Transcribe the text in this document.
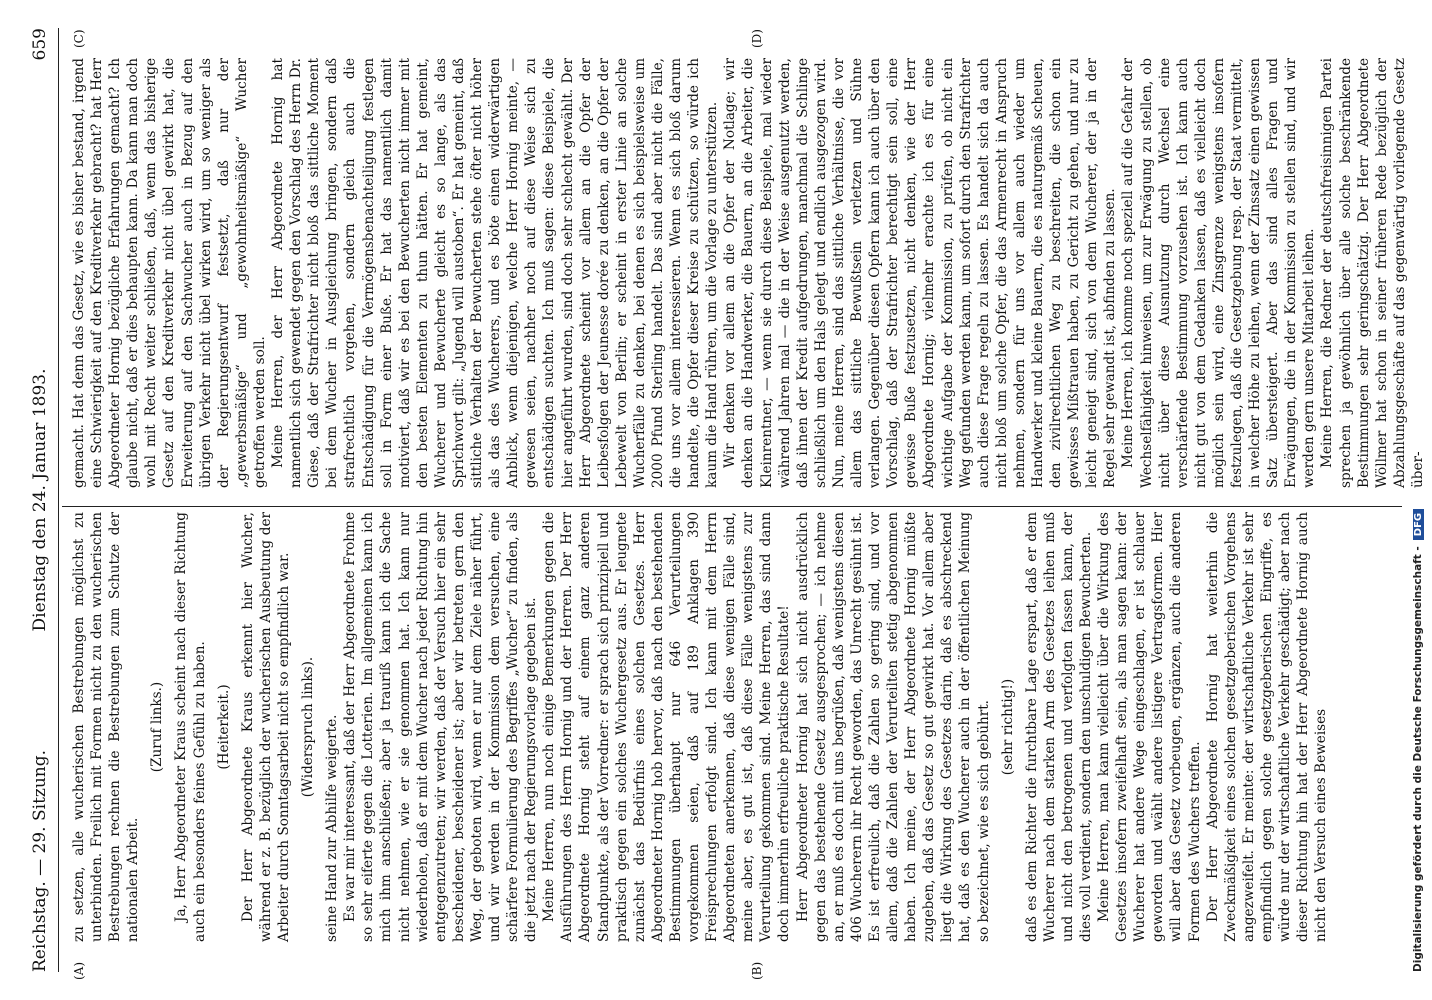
Reichstag. — 29. Sitzung.
Dienstag den 24. Januar 1893.
659
(A)	(B)
(C)	(D)

zu setzen, alle wucherischen Bestrebungen möglichst zu unterbinden. Freilich mit Formen nicht zu den wucherischen Bestrebungen rechnen die Bestrebungen zum Schutze der nationalen Arbeit.

(Zuruf links.) Ja, Herr Abgeordneter Kraus scheint nach dieser Richtung auch ein besonders feines Gefühl zu haben. (Heiterkeit.) Der Herr Abgeordnete Kraus erkennt hier Wucher, während er z. B. bezüglich der wucherischen Ausbeutung der Arbeiter durch Sonntagsarbeit nicht so empfindlich war. (Widerspruch links). seine Hand zur Abhilfe weigerte. Es war mir interessant, daß der Herr Abgeordnete Frohme so sehr eiferte gegen die Lotterien. Im allgemeinen kann ich mich ihm anschließen; aber ja trauriß kann ich die Sache nicht nehmen, wie er sie genommen hat. Ich kann nur wiederholen, daß er mit dem Wucher nach jeder Richtung hin entgegenzutreten; wir werden, daß der Versuch hier ein sehr bescheidener, bescheidener ist; aber wir betreten gern den Weg, der geboten wird, wenn er nur dem Ziele näher führt, und wir werden in der Kommission dem versuchen, eine schärfere Formulierung des Begriffes „Wucher“ zu finden, als die jetzt nach der Regierungsvorlage gegeben ist. Meine Herren, nun noch einige Bemerkungen gegen die Ausführungen des Herrn Hornig und der Herren. Der Herr Abgeordnete Hornig steht auf einem ganz anderen Standpunkte, als der Vorredner: er sprach sich prinzipiell und praktisch gegen ein solches Wuchergesetz aus. Er leugnete zunächst das Bedürfnis eines solchen Gesetzes. Herr Abgeordneter Hornig hob hervor, daß nach den bestehenden Bestimmungen überhaupt nur 646 Verurteilungen vorgekommen seien, daß auf 189 Anklagen 390 Freisprechungen erfolgt sind. Ich kann mit dem Herrn Abgeordneten anerkennen, daß diese wenigen Fälle sind, meine aber, es gut ist, daß diese Fälle wenigstens zur Verurteilung gekommen sind. Meine Herren, das sind dann doch immerhin erfreuliche praktische Resultate! Herr Abgeordneter Hornig hat sich nicht ausdrücklich gegen das bestehende Gesetz ausgesprochen; — ich nehme an, er muß es doch mit uns begrüßen, daß wenigstens diesen 406 Wucherern ihr Recht geworden, das Unrecht gesühnt ist. Es ist erfreulich, daß die Zahlen so gering sind, und vor allem, daß die Zahlen der Verurteilten stetig abgenommen haben. Ich meine, der Herr Abgeordnete Hornig müßte zugeben, daß das Gesetz so gut gewirkt hat. Vor allem aber liegt die Wirkung des Gesetzes darin, daß es abschreckend hat, daß es den Wucherer auch in der öffentlichen Meinung so bezeichnet, wie es sich gebührt. (sehr richtig!) daß es dem Richter die furchtbare Lage erspart, daß er dem Wucherer nach dem starken Arm des Gesetzes leihen muß und nicht den betrogenen und verfolgten fassen kann, der dies voll verdient, sondern den unschuldigen Bewucherten. Meine Herren, man kann vielleicht über die Wirkung des Gesetzes insofern zweifelhaft sein, als man sagen kann: der Wucherer hat andere Wege eingeschlagen, er ist schlauer geworden und wählt andere listigere Vertragsformen. Hier will aber das Gesetz vorbeugen, ergänzen, auch die anderen Formen des Wuchers treffen. Der Herr Abgeordnete Hornig hat weiterhin die Zweckmäßigkeit eines solchen gesetzgeberischen Vorgehens angezweifelt. Er meinte: der wirtschaftliche Verkehr ist sehr empfindlich gegen solche gesetzgeberischen Eingriffe, es würde nur der wirtschaftliche Verkehr geschädigt; aber nach dieser Richtung hin hat der Herr Abgeordnete Hornig auch nicht den Versuch eines Beweises

gemacht. Hat denn das Gesetz, wie es bisher bestand, irgend eine Schwierigkeit auf den Kreditverkehr gebracht? hat Herr Abgeordneter Hornig bezügliche Erfahrungen gemacht? Ich glaube nicht, daß er dies behaupten kann. Da kann man doch wohl mit Recht weiter schließen, daß, wenn das bisherige Gesetz auf den Kreditverkehr nicht übel gewirkt hat, die Erweiterung auf den Sachwucher auch in Bezug auf den übrigen Verkehr nicht übel wirken wird, um so weniger als der Regierungsentwurf festsetzt, daß nur der „gewerbsmäßige“ und „gewohnheitsmäßige“ Wucher getroffen werden soll. Meine Herren, der Herr Abgeordnete Hornig hat namentlich sich gewendet gegen den Vorschlag des Herrn Dr. Giese, daß der Strafrichter nicht bloß das sittliche Moment bei dem Wucher in Ausgleichung bringen, sondern daß strafrechtlich vorgehen, sondern gleich auch die Entschädigung für die Vermögensbenachteiligung festlegen soll in Form einer Buße. Er hat das namentlich damit motiviert, daß wir es bei den Bewucherten nicht immer mit den besten Elementen zu thun hätten. Er hat gemeint, Wucherer und Bewucherte gleicht es so lange, als das Sprichwort gilt: „Jugend will austoben“. Er hat gemeint, daß sittliche Verhalten der Bewucherten stehe öfter nicht höher als das des Wucherers, und es böte einen widerwärtigen Anblick, wenn diejenigen, welche Herr Hornig meinte, — gewesen seien, nachher noch auf diese Weise sich zu entschädigen suchten. Ich muß sagen: diese Beispiele, die hier angeführt wurden, sind doch sehr schlecht gewählt. Der Herr Abgeordnete scheint vor allem an die Opfer der Leibesfolgen der Jeunesse dorée zu denken, an die Opfer der Lebewelt von Berlin; er scheint in erster Linie an solche Wucherfälle zu denken, bei denen es sich beispielsweise um 2000 Pfund Sterling handelt. Das sind aber nicht die Fälle, die uns vor allem interessieren. Wenn es sich bloß darum handelte, die Opfer dieser Kreise zu schützen, so würde ich kaum die Hand rühren, um die Vorlage zu unterstützen. Wir denken vor allem an die Opfer der Notlage; wir denken an die Handwerker, die Bauern, an die Arbeiter, die Kleinrentner, — wenn sie durch diese Beispiele, mal wieder während Jahren mal — die in der Weise ausgenutzt werden, daß ihnen der Kredit aufgedrungen, manchmal die Schlinge schließlich um den Hals gelegt und endlich ausgezogen wird. Nun, meine Herren, sind das sittliche Verhältnisse, die vor allem das sittliche Bewußtsein verletzen und Sühne verlangen. Gegenüber diesen Opfern kann ich auch über den Vorschlag, daß der Strafrichter berechtigt sein soll, eine gewisse Buße festzusetzen, nicht denken, wie der Herr Abgeordnete Hornig; vielmehr erachte ich es für eine wichtige Aufgabe der Kommission, zu prüfen, ob nicht ein Weg gefunden werden kann, um sofort durch den Strafrichter auch diese Frage regeln zu lassen. Es handelt sich da auch nicht bloß um solche Opfer, die das Armenrecht in Anspruch nehmen, sondern für uns vor allem auch wieder um Handwerker und kleine Bauern, die es naturgemäß scheuen, den zivilrechtlichen Weg zu beschreiten, die schon ein gewisses Mißtrauen haben, zu Gericht zu gehen, und nur zu leicht geneigt sind, sich von dem Wucherer, der ja in der Regel sehr gewandt ist, abfinden zu lassen. Meine Herren, ich komme noch speziell auf die Gefahr der Wechselfähigkeit hinweisen, um zur Erwägung zu stellen, ob nicht über diese Ausnutzung durch Wechsel eine verschärfende Bestimmung vorzusehen ist. Ich kann auch nicht gut von dem Gedanken lassen, daß es vielleicht doch möglich sein wird, eine Zinsgrenze wenigstens insofern festzulegen, daß die Gesetzgebung resp. der Staat vermittelt, in welcher Höhe zu leihen, wenn der Zinssatz einen gewissen Satz übersteigert. Aber das sind alles Fragen und Erwägungen, die in der Kommission zu stellen sind, und wir werden gern unsere Mitarbeit leihen. Meine Herren, die Redner der deutschfreisinnigen Partei sprechen ja gewöhnlich über alle solche beschränkende Bestimmungen sehr geringschätzig. Der Herr Abgeordnete Wöllmer hat schon in seiner früheren Rede bezüglich der Abzahlungsgeschäfte auf das gegenwärtig vorliegende Gesetz über-

Digitalisierung gefördert durch die Deutsche Forschungsgemeinschaft -DFG
